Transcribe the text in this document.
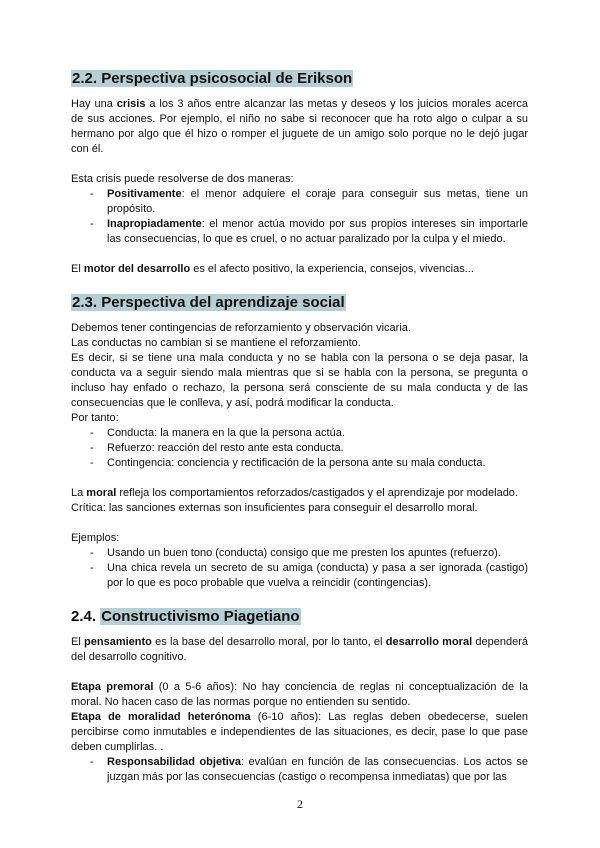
2.2. Perspectiva psicosocial de Erikson

Hay una crisis a los 3 años entre alcanzar las metas y deseos y los juicios morales acerca de sus acciones. Por ejemplo, el niño no sabe si reconocer que ha roto algo o culpar a su hermano por algo que él hizo o romper el juguete de un amigo solo porque no le dejó jugar con él.

Esta crisis puede resolverse de dos maneras:

- Positivamente: el menor adquiere el coraje para conseguir sus metas, tiene un propósito.
- Inapropiadamente: el menor actúa movido por sus propios intereses sin importarle las consecuencias, lo que es cruel, o no actuar paralizado por la culpa y el miedo.

El motor del desarrollo es el afecto positivo, la experiencia, consejos, vivencias...

2.3. Perspectiva del aprendizaje social

Debemos tener contingencias de reforzamiento y observación vicaria.

Las conductas no cambian si se mantiene el reforzamiento.

Es decir, si se tiene una mala conducta y no se habla con la persona o se deja pasar, la conducta va a seguir siendo mala mientras que si se habla con la persona, se pregunta o incluso hay enfado o rechazo, la persona será consciente de su mala conducta y de las consecuencias que le conlleva, y así, podrá modificar la conducta.

Por tanto:

- Conducta: la manera en la que la persona actúa.
- Refuerzo: reacción del resto ante esta conducta.
- Contingencia: conciencia y rectificación de la persona ante su mala conducta.

La moral refleja los comportamientos reforzados/castigados y el aprendizaje por modelado.

Crítica: las sanciones externas son insuficientes para conseguir el desarrollo moral.

Ejemplos:

- Usando un buen tono (conducta) consigo que me presten los apuntes (refuerzo).
- Una chica revela un secreto de su amiga (conducta) y pasa a ser ignorada (castigo) por lo que es poco probable que vuelva a reincidir (contingencias).
2.4. Constructivismo Piagetiano

El pensamiento es la base del desarrollo moral, por lo tanto, el desarrollo moral dependerá del desarrollo cognitivo.

Etapa premoral (0 a 5-6 años): No hay conciencia de reglas ni conceptualización de la moral. No hacen caso de las normas porque no entienden su sentido.

Etapa de moralidad heterónoma (6-10 años): Las reglas deben obedecerse, suelen percibirse como inmutables e independientes de las situaciones, es decir, pase lo que pase deben cumplirlas. .

- Responsabilidad objetiva: evalúan en función de las consecuencias. Los actos se juzgan más por las consecuencias (castigo o recompensa inmediatas) que por las
2
